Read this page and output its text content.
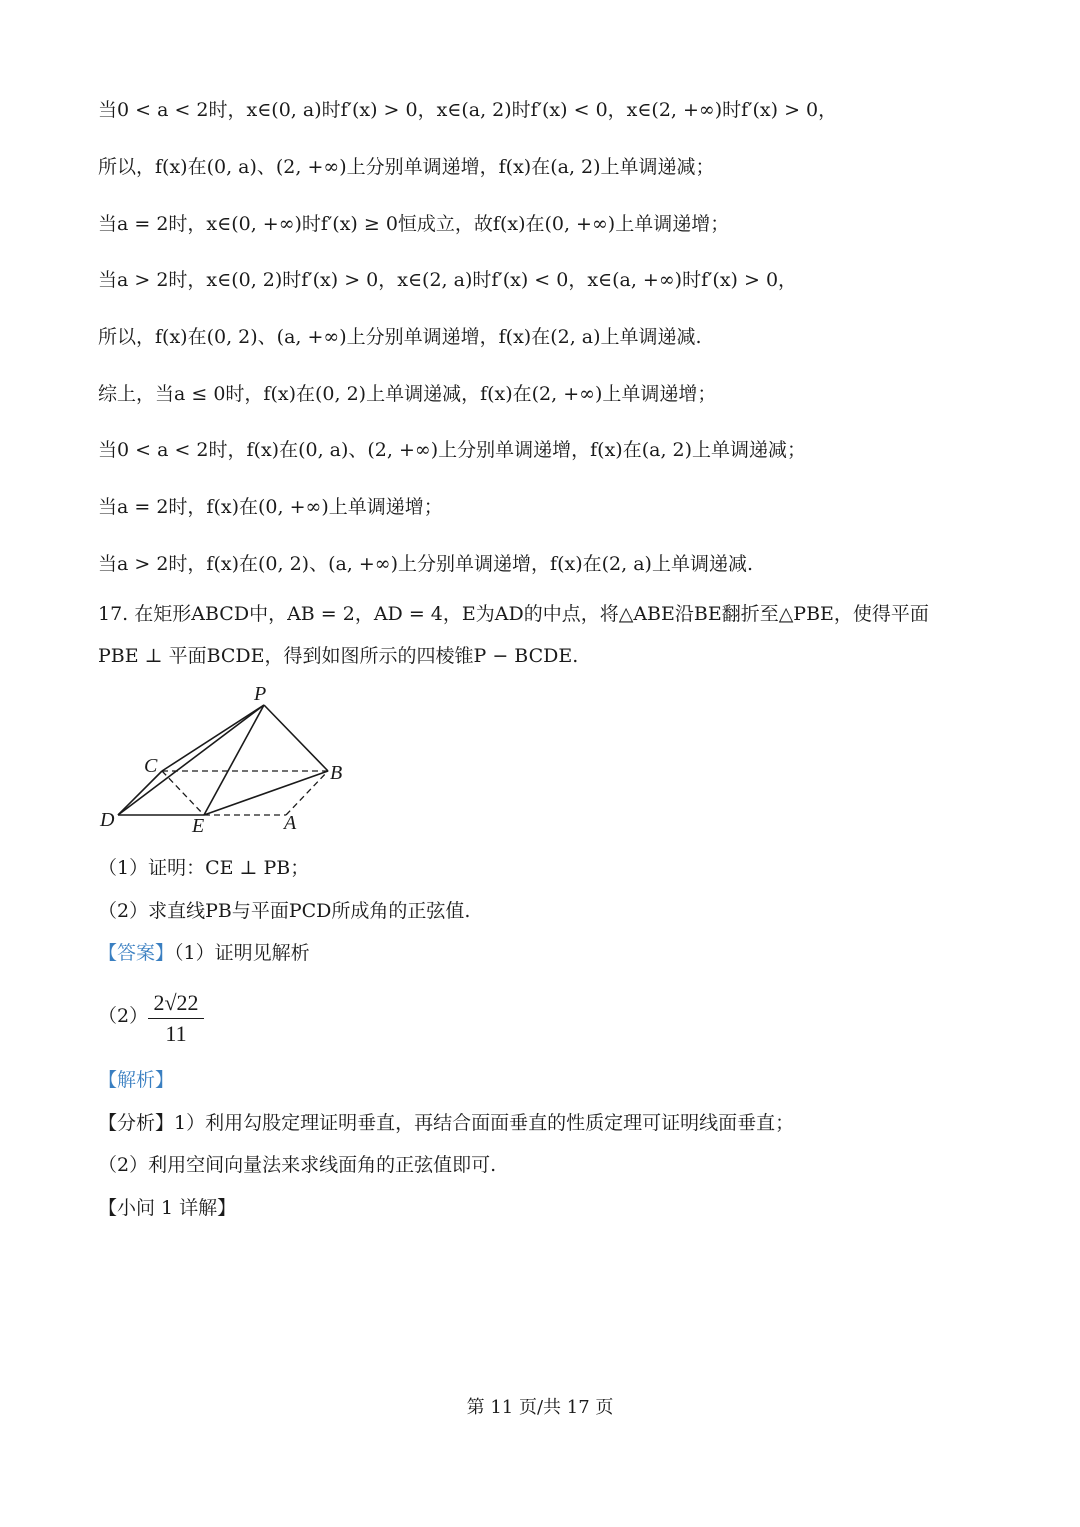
当0 < a < 2时，x∈(0, a)时f′(x) > 0，x∈(a, 2)时f′(x) < 0，x∈(2, +∞)时f′(x) > 0，
所以，f(x)在(0, a)、(2, +∞)上分别单调递增，f(x)在(a, 2)上单调递减；
当a = 2时，x∈(0, +∞)时f′(x) ≥ 0恒成立，故f(x)在(0, +∞)上单调递增；
当a > 2时，x∈(0, 2)时f′(x) > 0，x∈(2, a)时f′(x) < 0，x∈(a, +∞)时f′(x) > 0，
所以，f(x)在(0, 2)、(a, +∞)上分别单调递增，f(x)在(2, a)上单调递减.
综上，当a ≤ 0时，f(x)在(0, 2)上单调递减，f(x)在(2, +∞)上单调递增；
当0 < a < 2时，f(x)在(0, a)、(2, +∞)上分别单调递增，f(x)在(a, 2)上单调递减；
当a = 2时，f(x)在(0, +∞)上单调递增；
当a > 2时，f(x)在(0, 2)、(a, +∞)上分别单调递增，f(x)在(2, a)上单调递减.
17. 在矩形ABCD中，AB = 2，AD = 4，E为AD的中点，将△ABE沿BE翻折至△PBE，使得平面
PBE ⊥ 平面BCDE，得到如图所示的四棱锥P − BCDE.
P
C	B
D	E	A
（1）证明：CE ⊥ PB；
（2）求直线PB与平面PCD所成角的正弦值.
【答案】（1）证明见解析
$(2) \frac{2√22}{11}$
【解析】
【分析】1）利用勾股定理证明垂直，再结合面面垂直的性质定理可证明线面垂直；
（2）利用空间向量法来求线面角的正弦值即可.
【小问 1 详解】
第 11 页/共 17 页
